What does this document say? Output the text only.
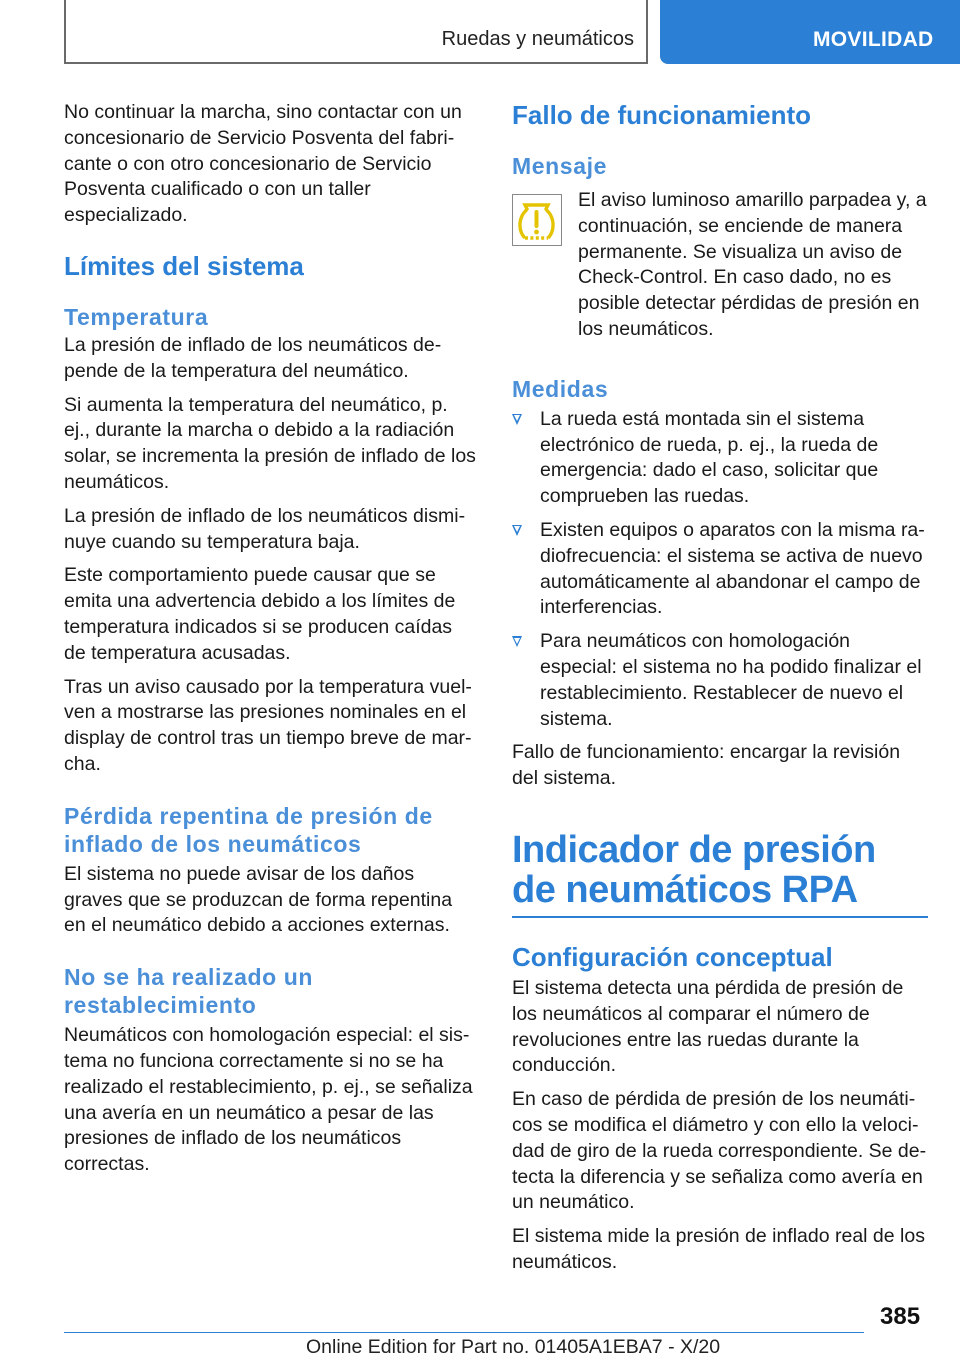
Ruedas y neumáticos	MOVILIDAD

No continuar la marcha, sino contactar con un concesionario de Servicio Posventa del fabricante o con otro concesionario de Servicio Posventa cualificado o con un taller especializado.

Límites del sistema
Temperatura

La presión de inflado de los neumáticos depende de la temperatura del neumático.

Si aumenta la temperatura del neumático, p. ej., durante la marcha o debido a la radiación solar, se incrementa la presión de inflado de los neumáticos.

La presión de inflado de los neumáticos disminuye cuando su temperatura baja.

Este comportamiento puede causar que se emita una advertencia debido a los límites de temperatura indicados si se producen caídas de temperatura acusadas.

Tras un aviso causado por la temperatura vuelven a mostrarse las presiones nominales en el display de control tras un tiempo breve de marcha.

Pérdida repentina de presión de inflado de los neumáticos

El sistema no puede avisar de los daños graves que se produzcan de forma repentina en el neumático debido a acciones externas.

No se ha realizado un restablecimiento

Neumáticos con homologación especial: el sistema no funciona correctamente si no se ha realizado el restablecimiento, p. ej., se señaliza una avería en un neumático a pesar de las presiones de inflado de los neumáticos correctas.

Fallo de funcionamiento
Mensaje

El aviso luminoso amarillo parpadea y, a continuación, se enciende de manera permanente. Se visualiza un aviso de Check-Control. En caso dado, no es posible detectar pérdidas de presión en los neumáticos.

Medidas
La rueda está montada sin el sistema electrónico de rueda, p. ej., la rueda de emergencia: dado el caso, solicitar que comprueben las ruedas.
Existen equipos o aparatos con la misma radiofrecuencia: el sistema se activa de nuevo automáticamente al abandonar el campo de interferencias.
Para neumáticos con homologación especial: el sistema no ha podido finalizar el restablecimiento. Restablecer de nuevo el sistema.

Fallo de funcionamiento: encargar la revisión del sistema.

Indicador de presión de neumáticos RPA
Configuración conceptual

El sistema detecta una pérdida de presión de los neumáticos al comparar el número de revoluciones entre las ruedas durante la conducción.

En caso de pérdida de presión de los neumáticos se modifica el diámetro y con ello la velocidad de giro de la rueda correspondiente. Se detecta la diferencia y se señaliza como avería en un neumático.

El sistema mide la presión de inflado real de los neumáticos.

385
Online Edition for Part no. 01405A1EBA7 - X/20
